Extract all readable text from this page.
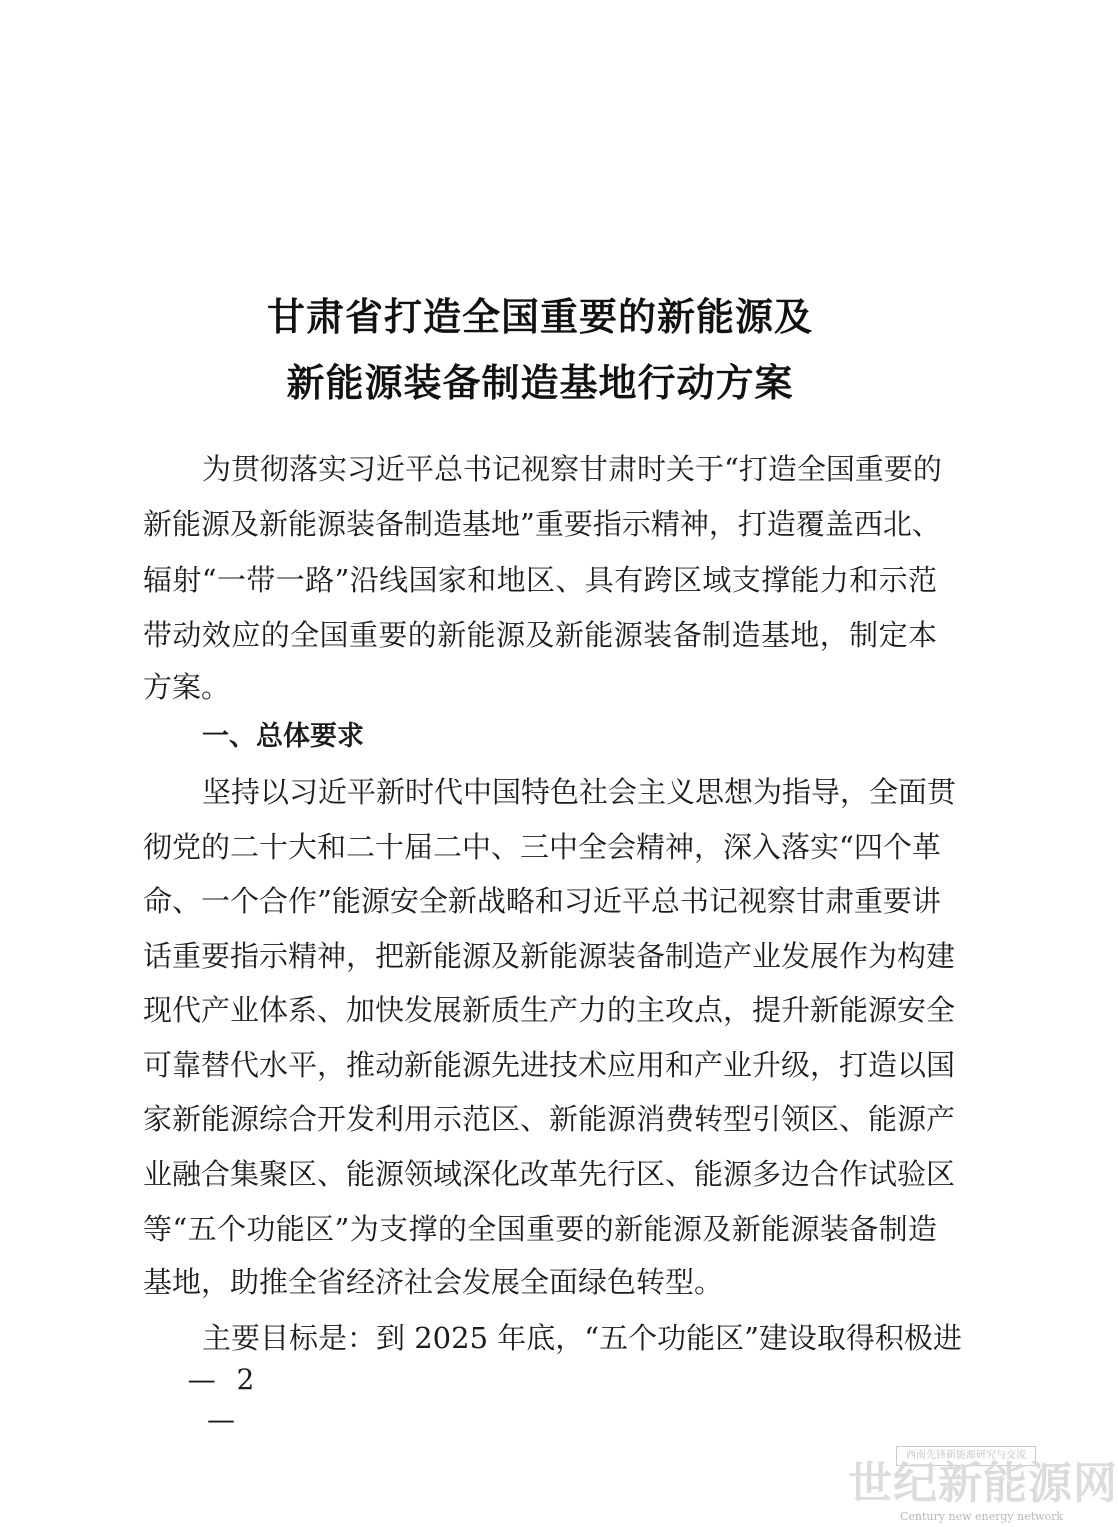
甘肃省打造全国重要的新能源及
新能源装备制造基地行动方案
为贯彻落实习近平总书记视察甘肃时关于“打造全国重要的
新能源及新能源装备制造基地”重要指示精神，打造覆盖西北、
辐射“一带一路”沿线国家和地区、具有跨区域支撑能力和示范
带动效应的全国重要的新能源及新能源装备制造基地，制定本
方案。
一、总体要求
坚持以习近平新时代中国特色社会主义思想为指导，全面贯
彻党的二十大和二十届二中、三中全会精神，深入落实“四个革
命、一个合作”能源安全新战略和习近平总书记视察甘肃重要讲
话重要指示精神，把新能源及新能源装备制造产业发展作为构建
现代产业体系、加快发展新质生产力的主攻点，提升新能源安全
可靠替代水平，推动新能源先进技术应用和产业升级，打造以国
家新能源综合开发利用示范区、新能源消费转型引领区、能源产
业融合集聚区、能源领域深化改革先行区、能源多边合作试验区
等“五个功能区”为支撑的全国重要的新能源及新能源装备制造
基地，助推全省经济社会发展全面绿色转型。
主要目标是：到 2025 年底，“五个功能区”建设取得积极进
— 2 —
西南先锋新能源研究与交流
世纪新能源网
Century new energy network
